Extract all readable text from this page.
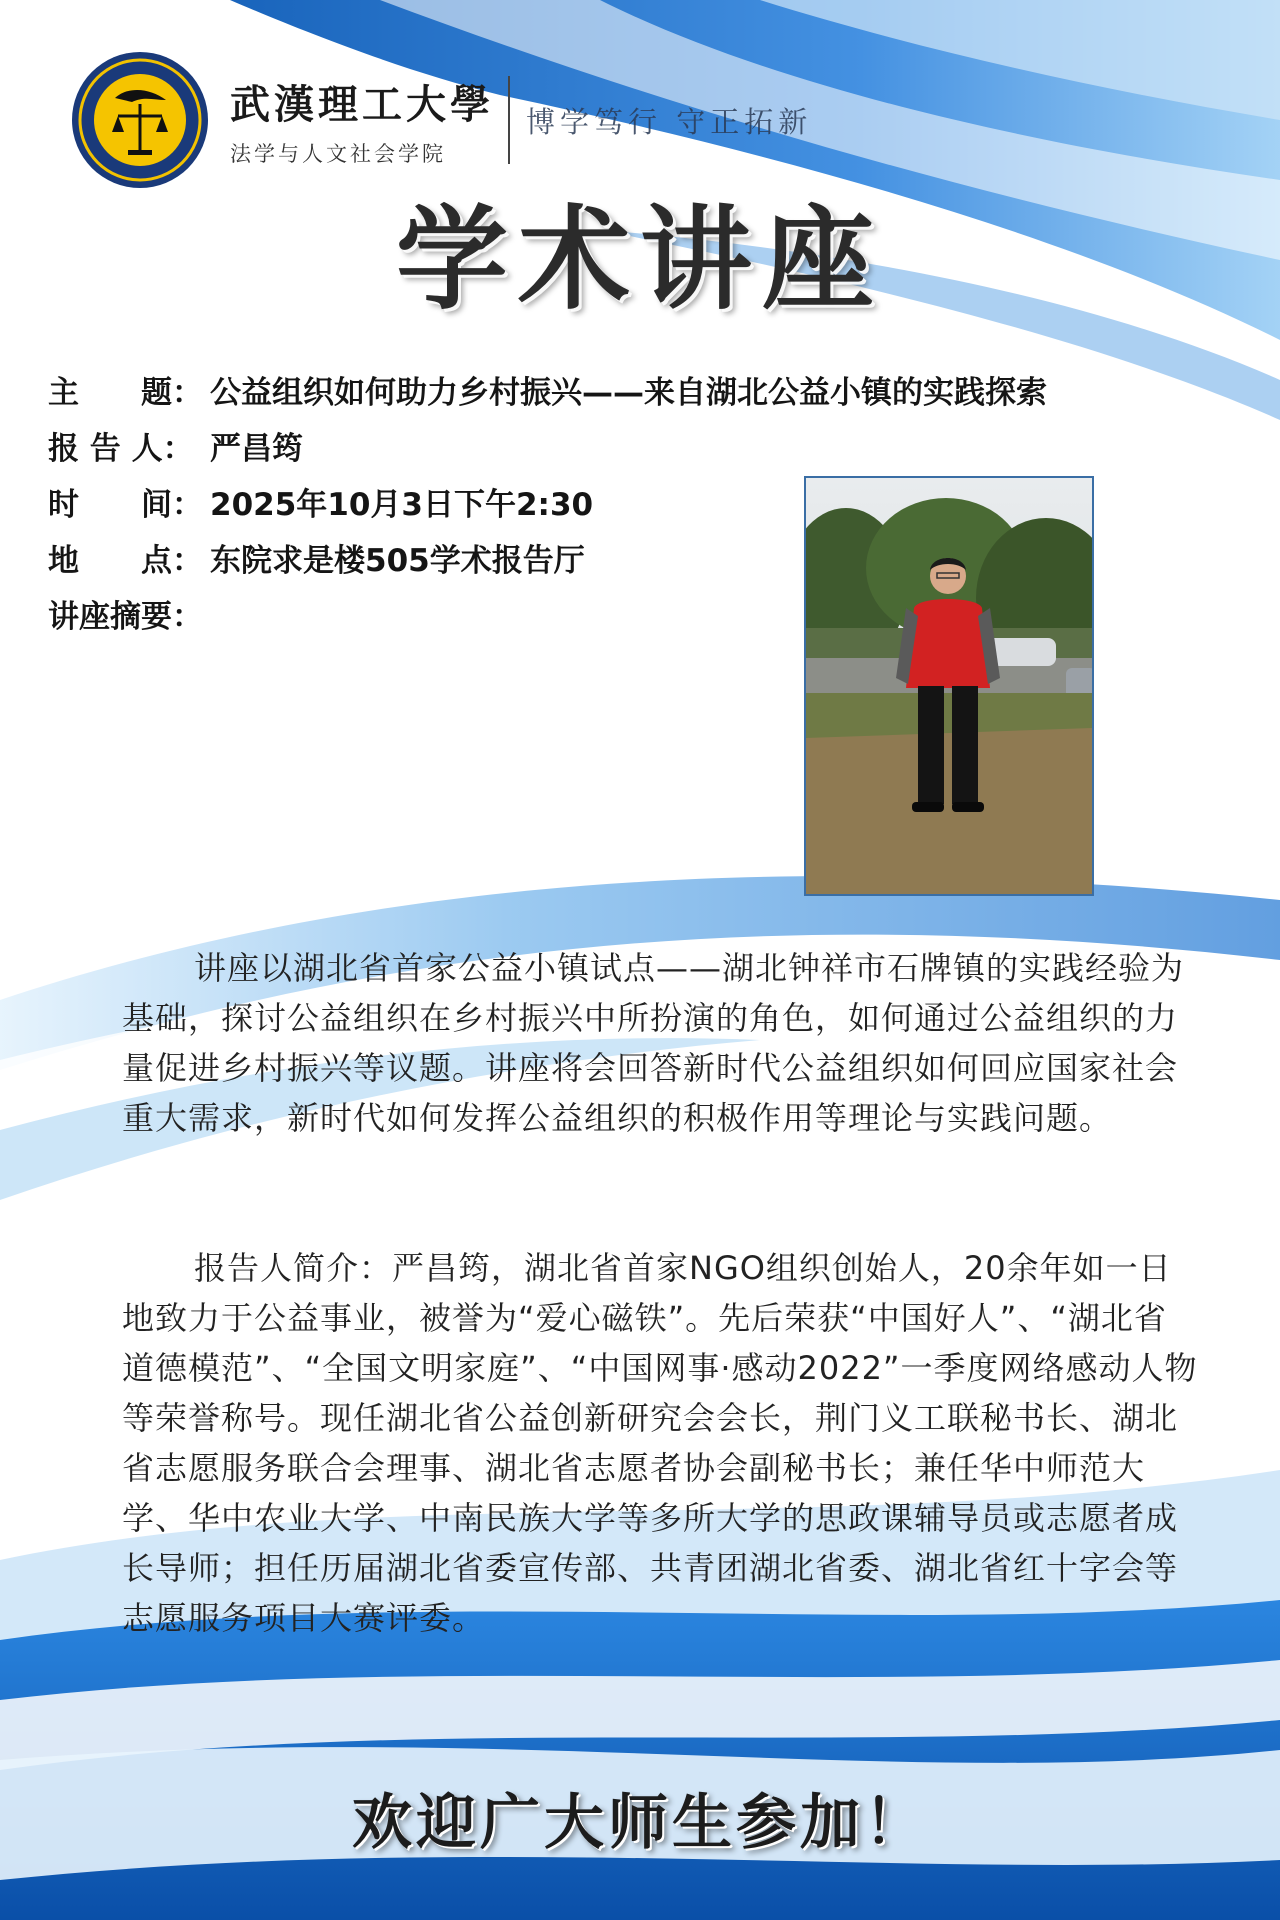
武漢理工大學
法学与人文社会学院
博学笃行 守正拓新
学术讲座
主　　题： 公益组织如何助力乡村振兴——来自湖北公益小镇的实践探索
报 告 人： 严昌筠
时　　间： 2025年10月3日下午2:30
地　　点： 东院求是楼505学术报告厅
讲座摘要：

讲座以湖北省首家公益小镇试点——湖北钟祥市石牌镇的实践经验为基础，探讨公益组织在乡村振兴中所扮演的角色，如何通过公益组织的力量促进乡村振兴等议题。讲座将会回答新时代公益组织如何回应国家社会重大需求，新时代如何发挥公益组织的积极作用等理论与实践问题。

报告人简介：严昌筠，湖北省首家NGO组织创始人，20余年如一日地致力于公益事业，被誉为“爱心磁铁”。先后荣获“中国好人”、“湖北省道德模范”、“全国文明家庭”、“中国网事·感动2022”一季度网络感动人物等荣誉称号。现任湖北省公益创新研究会会长，荆门义工联秘书长、湖北省志愿服务联合会理事、湖北省志愿者协会副秘书长；兼任华中师范大学、华中农业大学、中南民族大学等多所大学的思政课辅导员或志愿者成长导师；担任历届湖北省委宣传部、共青团湖北省委、湖北省红十字会等志愿服务项目大赛评委。

欢迎广大师生参加！
